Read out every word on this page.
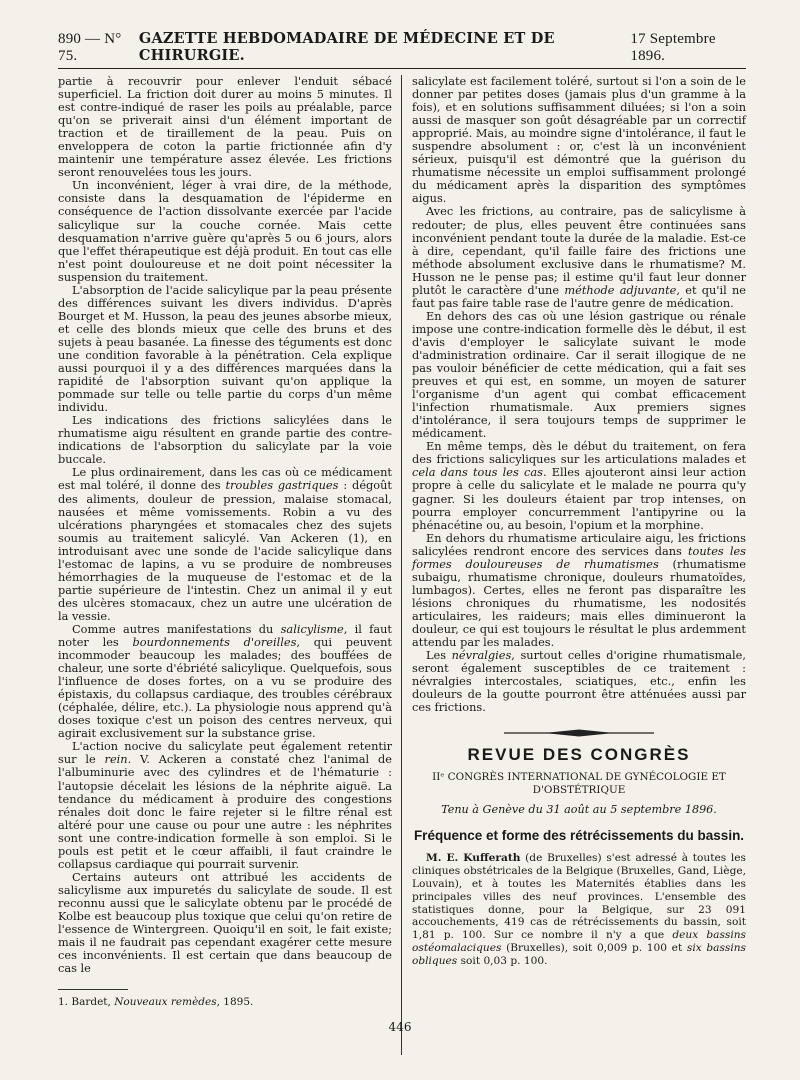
890 — N° 75.
GAZETTE HEBDOMADAIRE DE MÉDECINE ET DE CHIRURGIE.
17 Septembre 1896.

partie à recouvrir pour enlever l'enduit sébacé superficiel. La friction doit durer au moins 5 minutes. Il est contre-indiqué de raser les poils au préalable, parce qu'on se priverait ainsi d'un élément important de traction et de tiraillement de la peau. Puis on enveloppera de coton la partie frictionnée afin d'y maintenir une température assez élevée. Les frictions seront renouvelées tous les jours.

Un inconvénient, léger à vrai dire, de la méthode, consiste dans la desquamation de l'épiderme en conséquence de l'action dissolvante exercée par l'acide salicylique sur la couche cornée. Mais cette desquamation n'arrive guère qu'après 5 ou 6 jours, alors que l'effet thérapeutique est déjà produit. En tout cas elle n'est point douloureuse et ne doit point nécessiter la suspension du traitement.

L'absorption de l'acide salicylique par la peau présente des différences suivant les divers individus. D'après Bourget et M. Husson, la peau des jeunes absorbe mieux, et celle des blonds mieux que celle des bruns et des sujets à peau basanée. La finesse des téguments est donc une condition favorable à la pénétration. Cela explique aussi pourquoi il y a des différences marquées dans la rapidité de l'absorption suivant qu'on applique la pommade sur telle ou telle partie du corps d'un même individu.

Les indications des frictions salicylées dans le rhumatisme aigu résultent en grande partie des contre-indications de l'absorption du salicylate par la voie buccale.

Le plus ordinairement, dans les cas où ce médicament est mal toléré, il donne des troubles gastriques : dégoût des aliments, douleur de pression, malaise stomacal, nausées et même vomissements. Robin a vu des ulcérations pharyngées et stomacales chez des sujets soumis au traitement salicylé. Van Ackeren (1), en introduisant avec une sonde de l'acide salicylique dans l'estomac de lapins, a vu se produire de nombreuses hémorrhagies de la muqueuse de l'estomac et de la partie supérieure de l'intestin. Chez un animal il y eut des ulcères stomacaux, chez un autre une ulcération de la vessie.

Comme autres manifestations du salicylisme, il faut noter les bourdonnements d'oreilles, qui peuvent incommoder beaucoup les malades; des bouffées de chaleur, une sorte d'ébriété salicylique. Quelquefois, sous l'influence de doses fortes, on a vu se produire des épistaxis, du collapsus cardiaque, des troubles cérébraux (céphalée, délire, etc.). La physiologie nous apprend qu'à doses toxique c'est un poison des centres nerveux, qui agirait exclusivement sur la substance grise.

L'action nocive du salicylate peut également retentir sur le rein. V. Ackeren a constaté chez l'animal de l'albuminurie avec des cylindres et de l'hématurie : l'autopsie décelait les lésions de la néphrite aiguë. La tendance du médicament à produire des congestions rénales doit donc le faire rejeter si le filtre rénal est altéré pour une cause ou pour une autre : les néphrites sont une contre-indication formelle à son emploi. Si le pouls est petit et le cœur affaibli, il faut craindre le collapsus cardiaque qui pourrait survenir.

Certains auteurs ont attribué les accidents de salicylisme aux impuretés du salicylate de soude. Il est reconnu aussi que le salicylate obtenu par le procédé de Kolbe est beaucoup plus toxique que celui qu'on retire de l'essence de Wintergreen. Quoiqu'il en soit, le fait existe; mais il ne faudrait pas cependant exagérer cette mesure ces inconvénients. Il est certain que dans beaucoup de cas le

1. Bardet, Nouveaux remèdes, 1895.

salicylate est facilement toléré, surtout si l'on a soin de le donner par petites doses (jamais plus d'un gramme à la fois), et en solutions suffisamment diluées; si l'on a soin aussi de masquer son goût désagréable par un correctif approprié. Mais, au moindre signe d'intolérance, il faut le suspendre absolument : or, c'est là un inconvénient sérieux, puisqu'il est démontré que la guérison du rhumatisme nécessite un emploi suffisamment prolongé du médicament après la disparition des symptômes aigus.

Avec les frictions, au contraire, pas de salicylisme à redouter; de plus, elles peuvent être continuées sans inconvénient pendant toute la durée de la maladie. Est-ce à dire, cependant, qu'il faille faire des frictions une méthode absolument exclusive dans le rhumatisme? M. Husson ne le pense pas; il estime qu'il faut leur donner plutôt le caractère d'une méthode adjuvante, et qu'il ne faut pas faire table rase de l'autre genre de médication.

En dehors des cas où une lésion gastrique ou rénale impose une contre-indication formelle dès le début, il est d'avis d'employer le salicylate suivant le mode d'administration ordinaire. Car il serait illogique de ne pas vouloir bénéficier de cette médication, qui a fait ses preuves et qui est, en somme, un moyen de saturer l'organisme d'un agent qui combat efficacement l'infection rhumatismale. Aux premiers signes d'intolérance, il sera toujours temps de supprimer le médicament.

En même temps, dès le début du traitement, on fera des frictions salicyliques sur les articulations malades et cela dans tous les cas. Elles ajouteront ainsi leur action propre à celle du salicylate et le malade ne pourra qu'y gagner. Si les douleurs étaient par trop intenses, on pourra employer concurremment l'antipyrine ou la phénacétine ou, au besoin, l'opium et la morphine.

En dehors du rhumatisme articulaire aigu, les frictions salicylées rendront encore des services dans toutes les formes douloureuses de rhumatismes (rhumatisme subaigu, rhumatisme chronique, douleurs rhumatoïdes, lumbagos). Certes, elles ne feront pas disparaître les lésions chroniques du rhumatisme, les nodosités articulaires, les raideurs; mais elles diminueront la douleur, ce qui est toujours le résultat le plus ardemment attendu par les malades.

Les névralgies, surtout celles d'origine rhumatismale, seront également susceptibles de ce traitement : névralgies intercostales, sciatiques, etc., enfin les douleurs de la goutte pourront être atténuées aussi par ces frictions.

REVUE DES CONGRÈS
IIᵉ CONGRÈS INTERNATIONAL DE GYNÉCOLOGIE ET D'OBSTÉTRIQUE
Tenu à Genève du 31 août au 5 septembre 1896.
Fréquence et forme des rétrécissements du bassin.

M. E. Kufferath (de Bruxelles) s'est adressé à toutes les cliniques obstétricales de la Belgique (Bruxelles, Gand, Liège, Louvain), et à toutes les Maternités établies dans les principales villes des neuf provinces. L'ensemble des statistiques donne, pour la Belgique, sur 23 091 accouchements, 419 cas de rétrécissements du bassin, soit 1,81 p. 100. Sur ce nombre il n'y a que deux bassins ostéomalaciques (Bruxelles), soit 0,009 p. 100 et six bassins obliques soit 0,03 p. 100.

446
